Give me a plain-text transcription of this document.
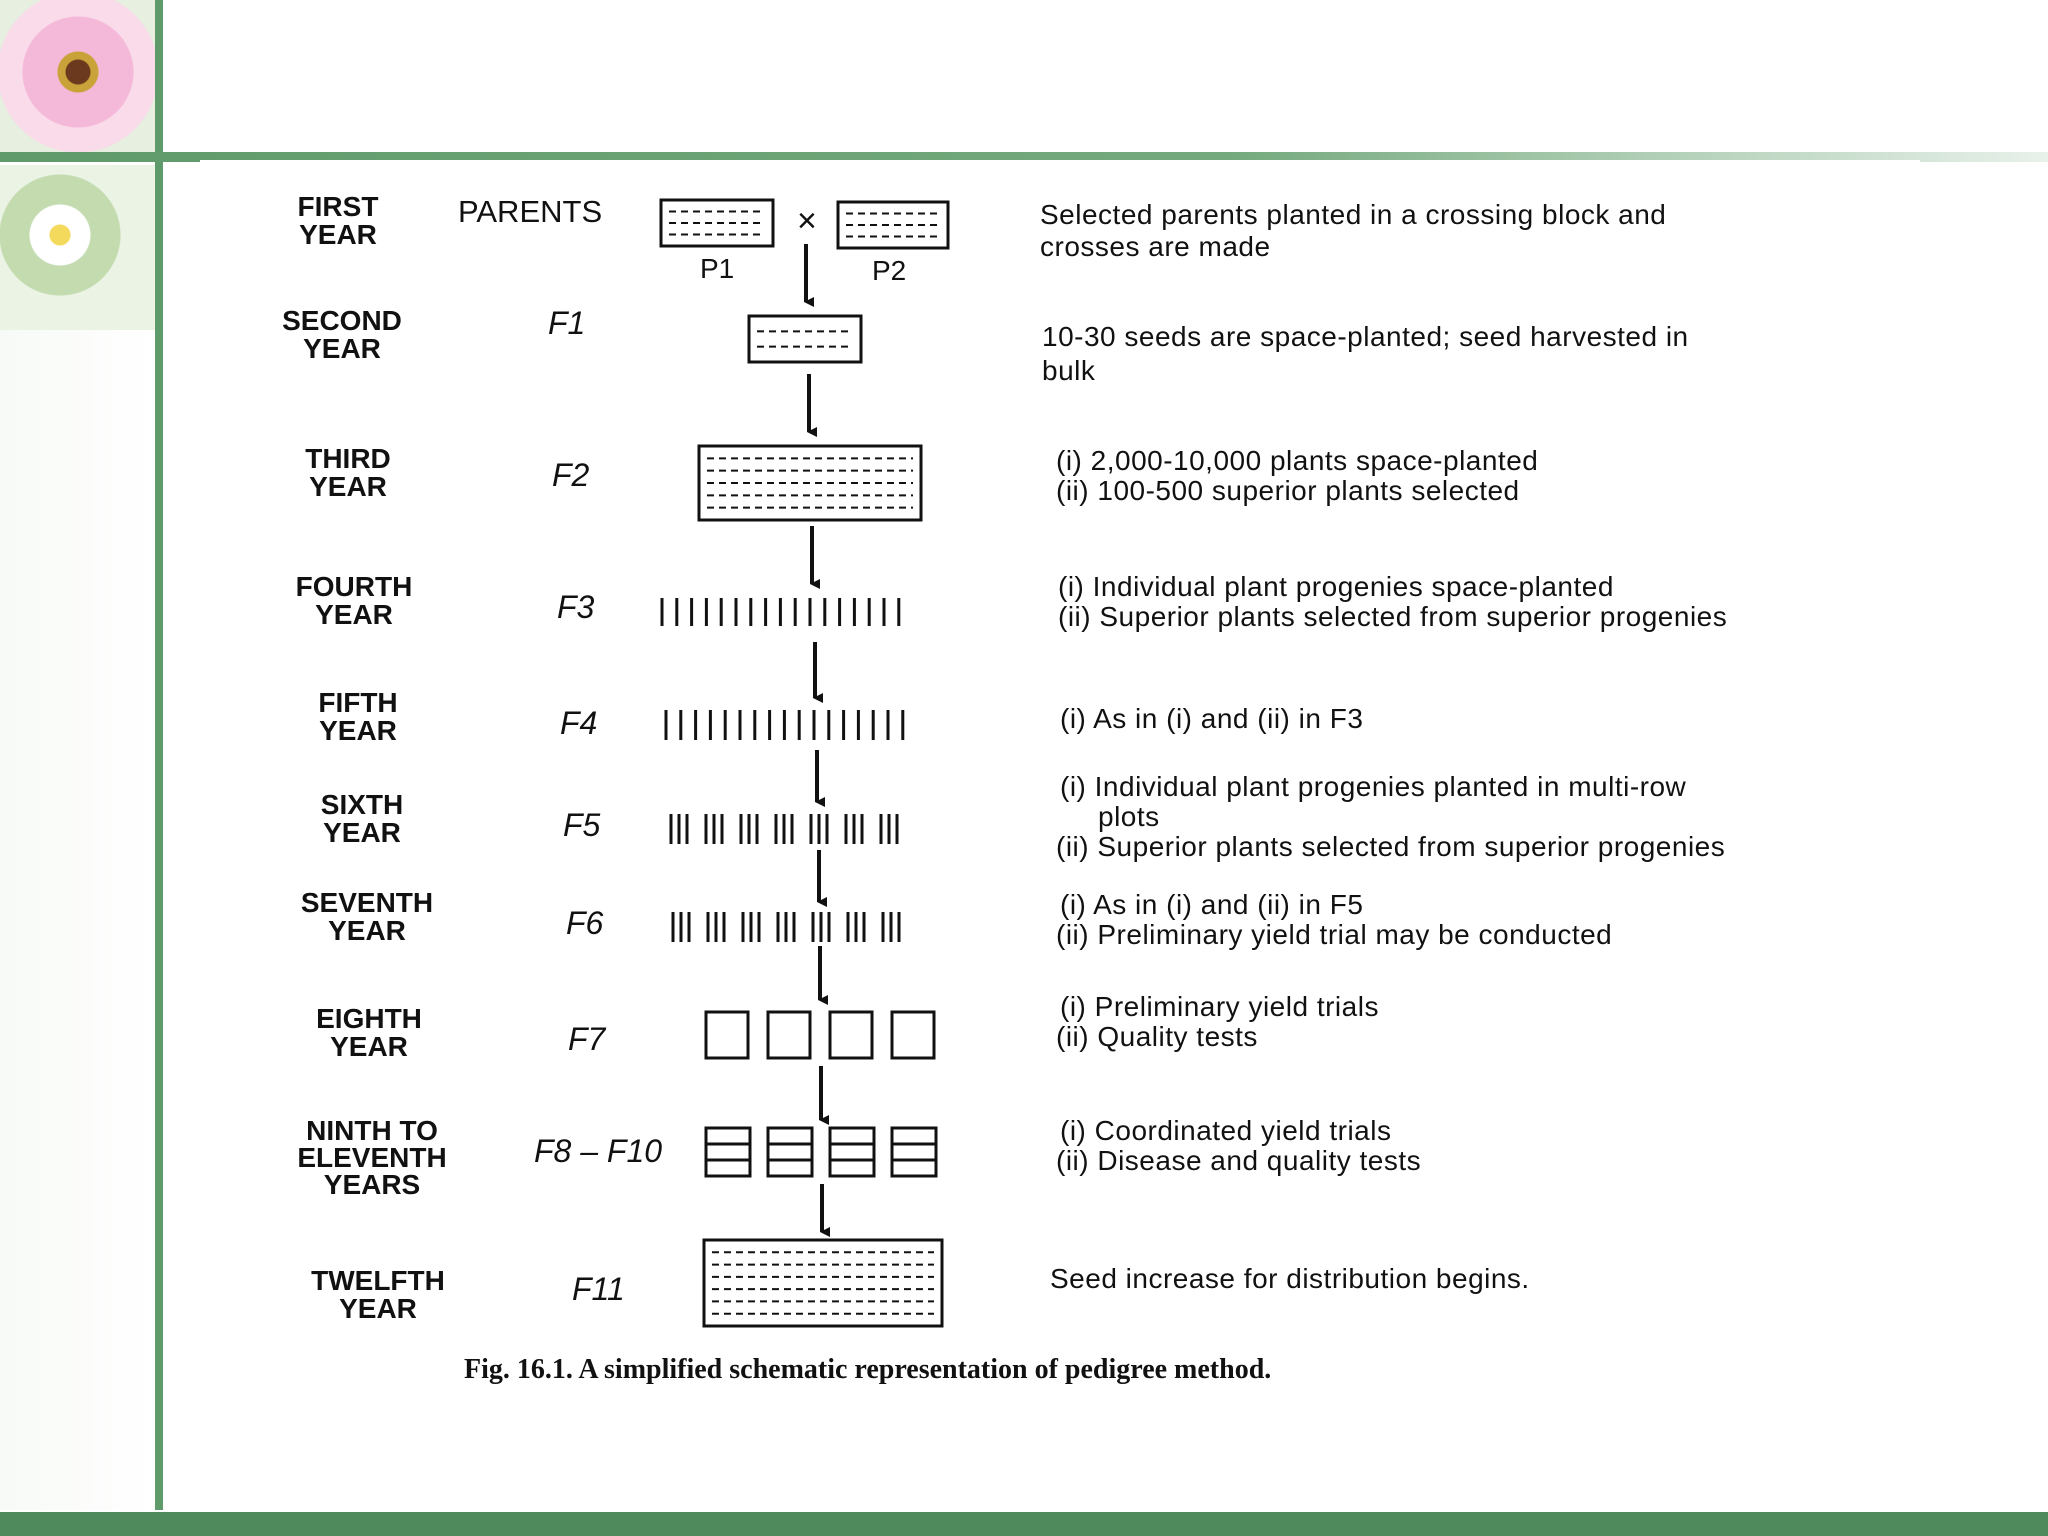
FIRST YEAR
SECOND YEAR
THIRD YEAR
FOURTH YEAR
FIFTH YEAR
SIXTH YEAR
SEVENTH YEAR
EIGHTH YEAR
NINTH TO ELEVENTH YEARS
TWELFTH YEAR
PARENTS
F1
F2
F3
F4
F5
F6
F7
F8 – F10
F11
×
P1	P2
Selected parents planted in a crossing block and crosses are made
10-30 seeds are space-planted; seed harvested in bulk
(i) 2,000-10,000 plants space-planted (ii) 100-500 superior plants selected
(i) Individual plant progenies space-planted (ii) Superior plants selected from superior progenies
(i) As in (i) and (ii) in F3
(i) Individual plant progenies planted in multi-row plots (ii) Superior plants selected from superior progenies
(i) As in (i) and (ii) in F5 (ii) Preliminary yield trial may be conducted
(i) Preliminary yield trials (ii) Quality tests
(i) Coordinated yield trials (ii) Disease and quality tests
Seed increase for distribution begins.
Fig. 16.1. A simplified schematic representation of pedigree method.
